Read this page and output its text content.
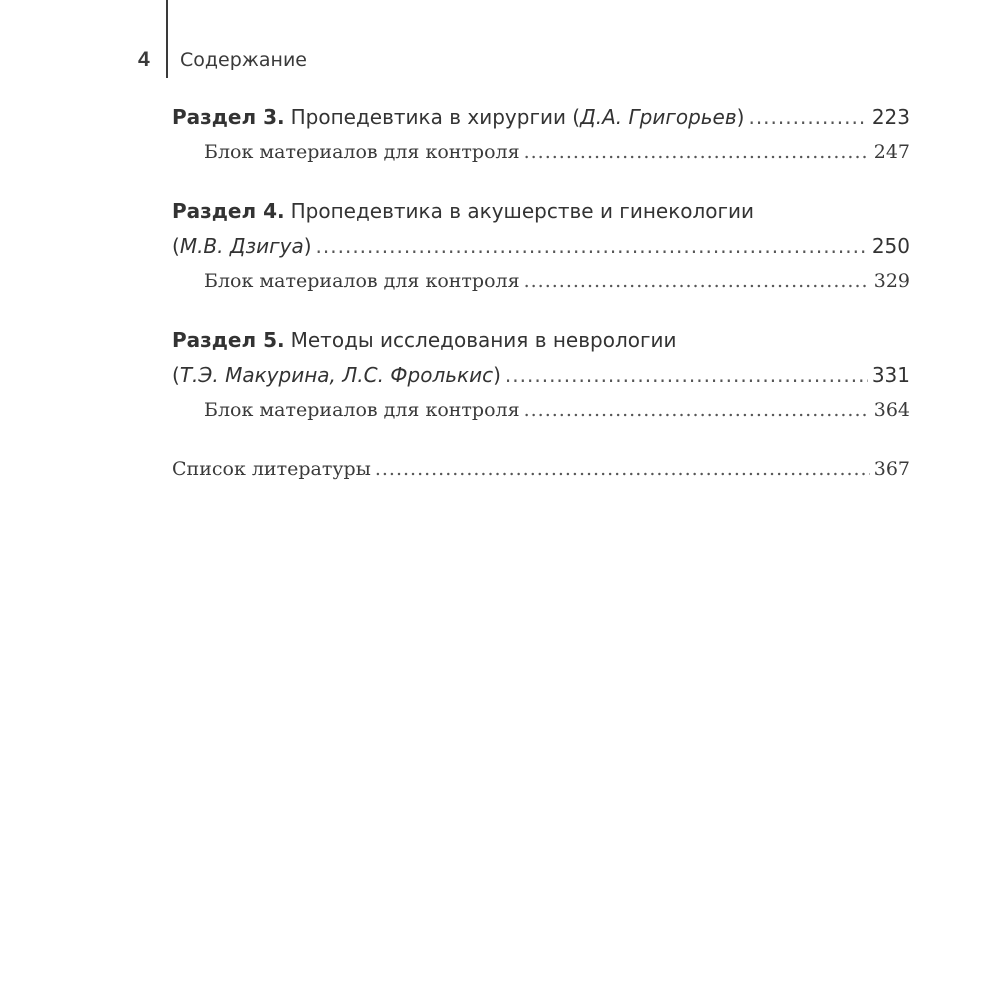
4 Содержание
Раздел 3. Пропедевтика в хирургии ( Д.А. Григорьев ) .....	223
Блок материалов для контроля .....	247
Раздел 4. Пропедевтика в акушерстве и гинекологии
( М.В. Дзигуа ) .....	250
Блок материалов для контроля .....	329
Раздел 5. Методы исследования в неврологии
( Т.Э. Макурина, Л.С. Фролькис ) .....	331
Блок материалов для контроля .....	364
Список литературы .....	367
